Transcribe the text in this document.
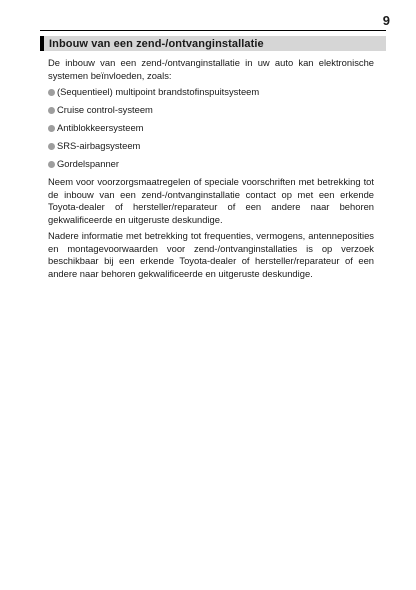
9
Inbouw van een zend-/ontvanginstallatie

De inbouw van een zend-/ontvanginstallatie in uw auto kan elektronische systemen beïnvloeden, zoals:

(Sequentieel) multipoint brandstofinspuitsysteem
Cruise control-systeem
Antiblokkeersysteem
SRS-airbagsysteem
Gordelspanner

Neem voor voorzorgsmaatregelen of speciale voorschriften met betrekking tot de inbouw van een zend-/ontvanginstallatie contact op met een erkende Toyota-dealer of hersteller/reparateur of een andere naar behoren gekwalificeerde en uitgeruste deskundige.

Nadere informatie met betrekking tot frequenties, vermogens, antenneposities en montagevoorwaarden voor zend-/ontvanginstallaties is op verzoek beschikbaar bij een erkende Toyota-dealer of hersteller/reparateur of een andere naar behoren gekwalificeerde en uitgeruste deskundige.
